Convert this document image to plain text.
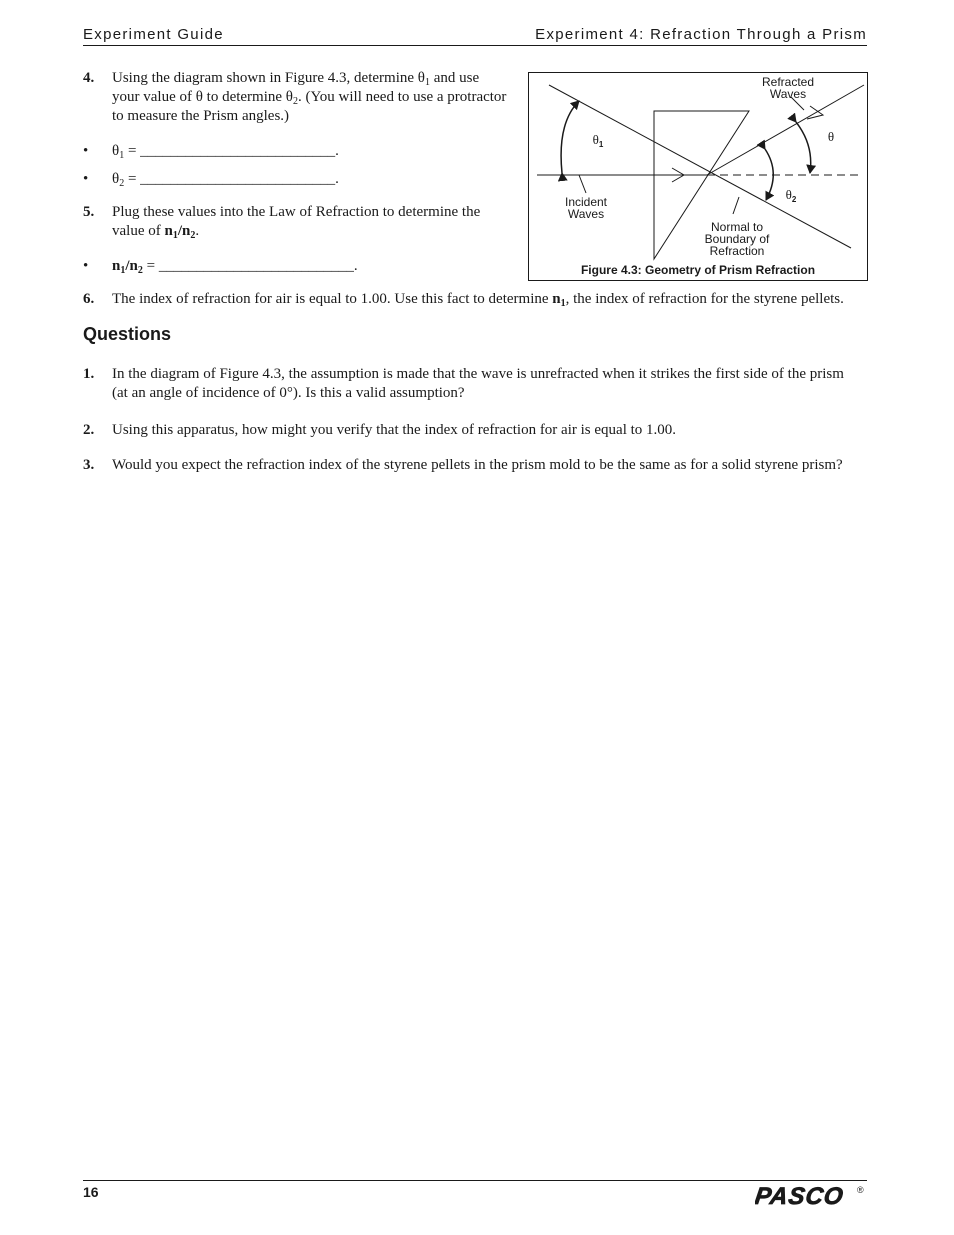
Experiment Guide	Experiment 4: Refraction Through a Prism
4. Using the diagram shown in Figure 4.3, determine $\theta_1$ and use
your value of θ to determine $\theta_2$. (You will need to use a protractor
to measure the Prism angles.)
• $\theta_1$ = __________________________.
• $\theta_2$ = __________________________.
5. Plug these values into the Law of Refraction to determine the
value of $n_1/n_2$.
• $n_1/n_2$ = __________________________.
Refracted
Waves
θ
$\theta_1$
$\theta_2$
Incident
Waves
Normal to
Boundary of
Refraction
Figure 4.3: Geometry of Prism Refraction
6. The index of refraction for air is equal to 1.00. Use this fact to determine $n_1$, the index of refraction for the styrene pellets.
Questions
1. In the diagram of Figure 4.3, the assumption is made that the wave is unrefracted when it strikes the first side of the prism
(at an angle of incidence of 0°). Is this a valid assumption?
2. Using this apparatus, how might you verify that the index of refraction for air is equal to 1.00.
3. Would you expect the refraction index of the styrene pellets in the prism mold to be the same as for a solid styrene prism?
16	PASCO ®
